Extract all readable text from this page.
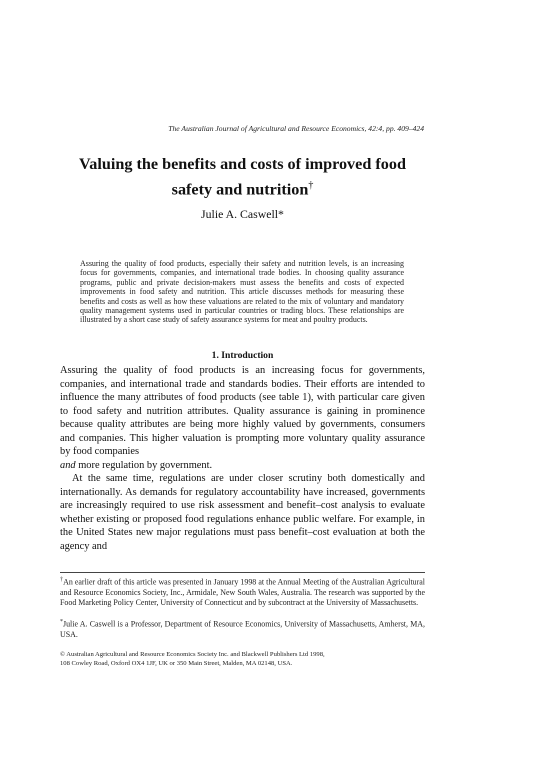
The Australian Journal of Agricultural and Resource Economics, 42:4, pp. 409–424
Valuing the benefits and costs of improved food safety and nutrition†
Julie A. Caswell*
Assuring the quality of food products, especially their safety and nutrition levels, is an increasing focus for governments, companies, and international trade bodies. In choosing quality assurance programs, public and private decision-makers must assess the benefits and costs of expected improvements in food safety and nutrition. This article discusses methods for measuring these benefits and costs as well as how these valuations are related to the mix of voluntary and mandatory quality management systems used in particular countries or trading blocs. These relationships are illustrated by a short case study of safety assurance systems for meat and poultry products.
1. Introduction

Assuring the quality of food products is an increasing focus for governments, companies, and international trade and standards bodies. Their efforts are intended to influence the many attributes of food products (see table 1), with particular care given to food safety and nutrition attributes. Quality assurance is gaining in prominence because quality attributes are being more highly valued by governments, consumers and companies. This higher valuation is prompting more voluntary quality assurance by food companies
and more regulation by government.

At the same time, regulations are under closer scrutiny both domestically and internationally. As demands for regulatory accountability have increased, governments are increasingly required to use risk assessment and benefit–cost analysis to evaluate whether existing or proposed food regulations enhance public welfare. For example, in the United States new major regulations must pass benefit–cost evaluation at both the agency and

†An earlier draft of this article was presented in January 1998 at the Annual Meeting of the Australian Agricultural and Resource Economics Society, Inc., Armidale, New South Wales, Australia. The research was supported by the Food Marketing Policy Center, University of Connecticut and by subcontract at the University of Massachusetts.
*Julie A. Caswell is a Professor, Department of Resource Economics, University of Massachusetts, Amherst, MA, USA.
© Australian Agricultural and Resource Economics Society Inc. and Blackwell Publishers Ltd 1998,
108 Cowley Road, Oxford OX4 1JF, UK or 350 Main Street, Malden, MA 02148, USA.
